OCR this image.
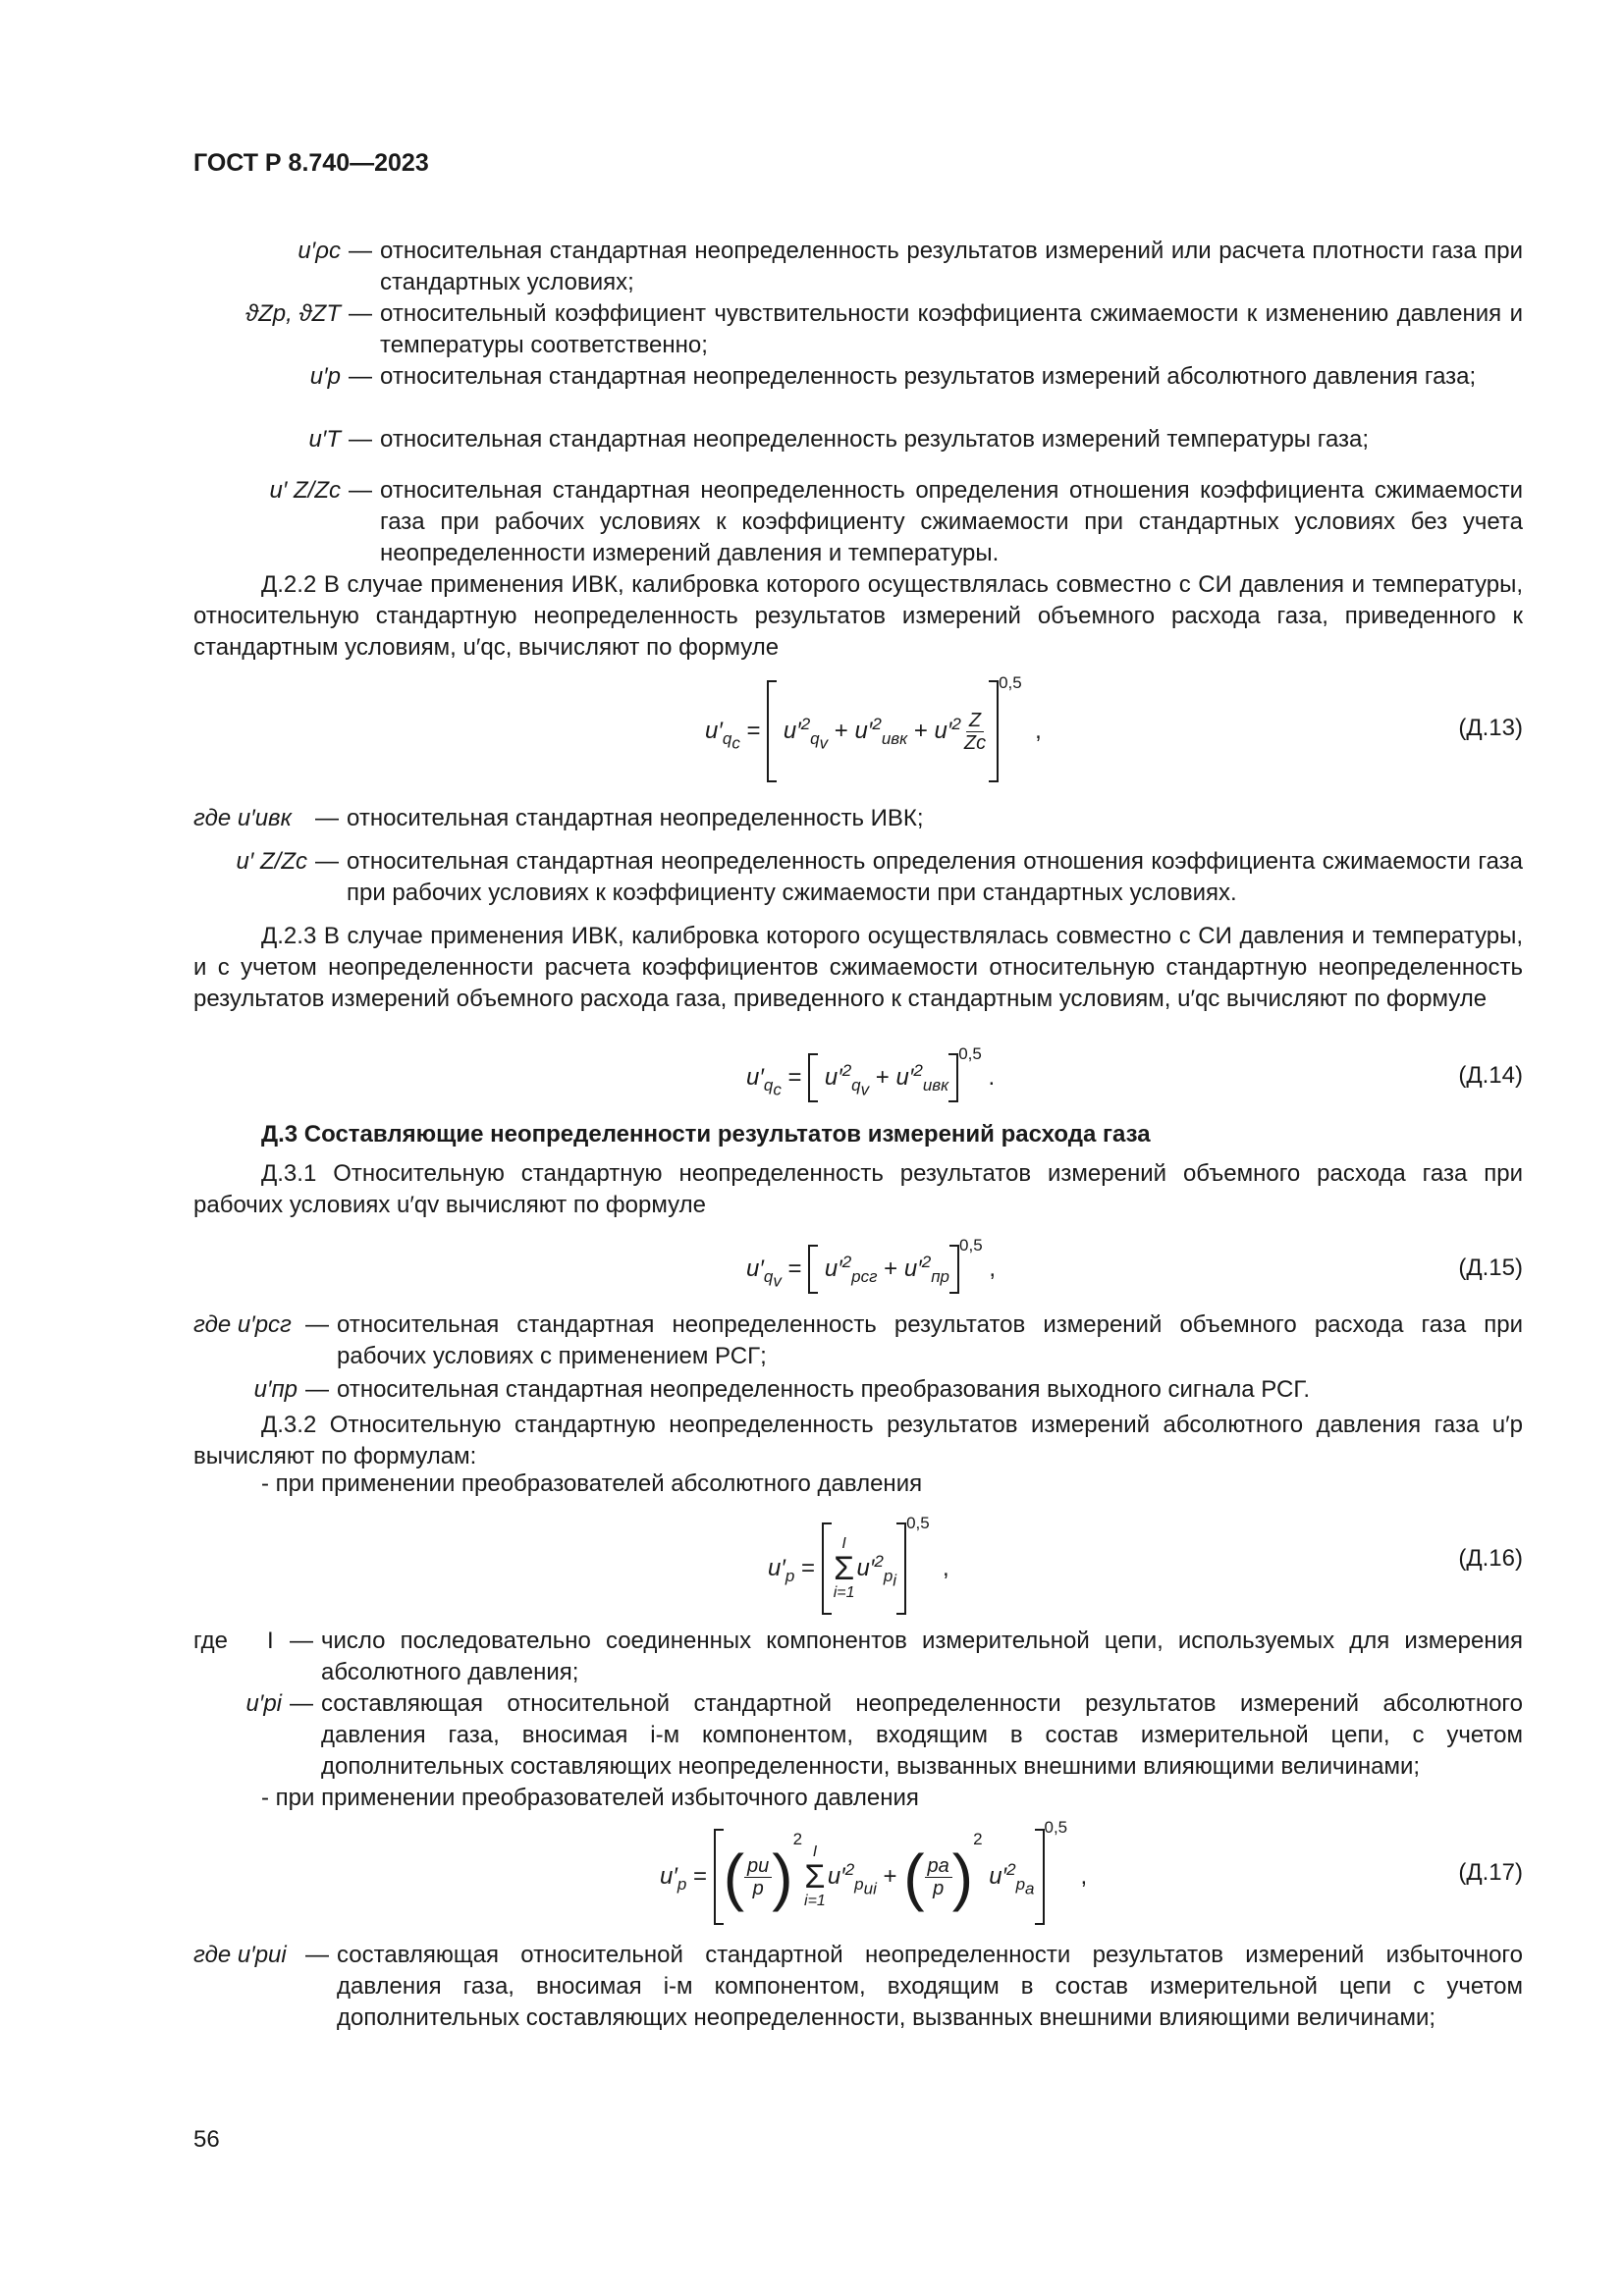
ГОСТ Р 8.740—2023
u′ρс — относительная стандартная неопределенность результатов измерений или расчета плотности газа при стандартных условиях;
ϑZp, ϑZT — относительный коэффициент чувствительности коэффициента сжимаемости к изменению давления и температуры соответственно;
u′p — относительная стандартная неопределенность результатов измерений абсолютного давления газа;
u′T — относительная стандартная неопределенность результатов измерений температуры газа;
u′ Z/Zс — относительная стандартная неопределенность определения отношения коэффициента сжимаемости газа при рабочих условиях к коэффициенту сжимаемости при стандартных условиях без учета неопределенности измерений давления и температуры.
Д.2.2 В случае применения ИВК, калибровка которого осуществлялась совместно с СИ давления и температуры, относительную стандартную неопределенность результатов измерений объемного расхода газа, приведенного к стандартным условиям, u′qс, вычисляют по формуле
$u'_{q_с} = u'^2_{q_v} + u'^2_{ивк} + u'^2 \frac{Z}{Zс}$
0,5
,	(Д.13)
где u′ивк	— относительная стандартная неопределенность ИВК;
u′ Z/Zс — относительная стандартная неопределенность определения отношения коэффициента сжимаемости газа при рабочих условиях к коэффициенту сжимаемости при стандартных условиях.
Д.2.3 В случае применения ИВК, калибровка которого осуществлялась совместно с СИ давления и температуры, и с учетом неопределенности расчета коэффициентов сжимаемости относительную стандартную неопределенность результатов измерений объемного расхода газа, приведенного к стандартным условиям, u′qс вычисляют по формуле
$u'_{q_с} = u'^2_{q_v} + u'^2_{ивк}$
0,5
.	(Д.14)
Д.3 Составляющие неопределенности результатов измерений расхода газа
Д.3.1 Относительную стандартную неопределенность результатов измерений объемного расхода газа при рабочих условиях u′qv вычисляют по формуле
$u'_{q_v} = u'^2_{рсг} + u'^2_{пр}$
0,5
,	(Д.15)
где u′рсг — относительная стандартная неопределенность результатов измерений объемного расхода газа при рабочих условиях с применением РСГ;
u′пр — относительная стандартная неопределенность преобразования выходного сигнала РСГ.
Д.3.2 Относительную стандартную неопределенность результатов измерений абсолютного давления газа u′p вычисляют по формулам:
- при применении преобразователей абсолютного давления
$u'_p$ =
I
Σ
i=1
$u'^2_{p_i}$
0,5
,	(Д.16)
где      I — число последовательно соединенных компонентов измерительной цепи, используемых для измерения абсолютного давления;
u′pi — составляющая относительной стандартной неопределенности результатов измерений абсолютного давления газа, вносимая i-м компонентом, входящим в состав измерительной цепи, с учетом дополнительных составляющих неопределенности, вызванных внешними влияющими величинами;
- при применении преобразователей избыточного давления
$u'_p$ = ( $\frac{pи}{p}$ )
2
I
Σ
i=1
$u'^2_{p_{иi}}$ + ( $\frac{pа}{p}$ )
2

$u'^2_{p_а}$
0,5
,	(Д.17)
где u′pиi — составляющая относительной стандартной неопределенности результатов измерений избыточного давления газа, вносимая i-м компонентом, входящим в состав измерительной цепи с учетом дополнительных составляющих неопределенности, вызванных внешними влияющими величинами;
56
